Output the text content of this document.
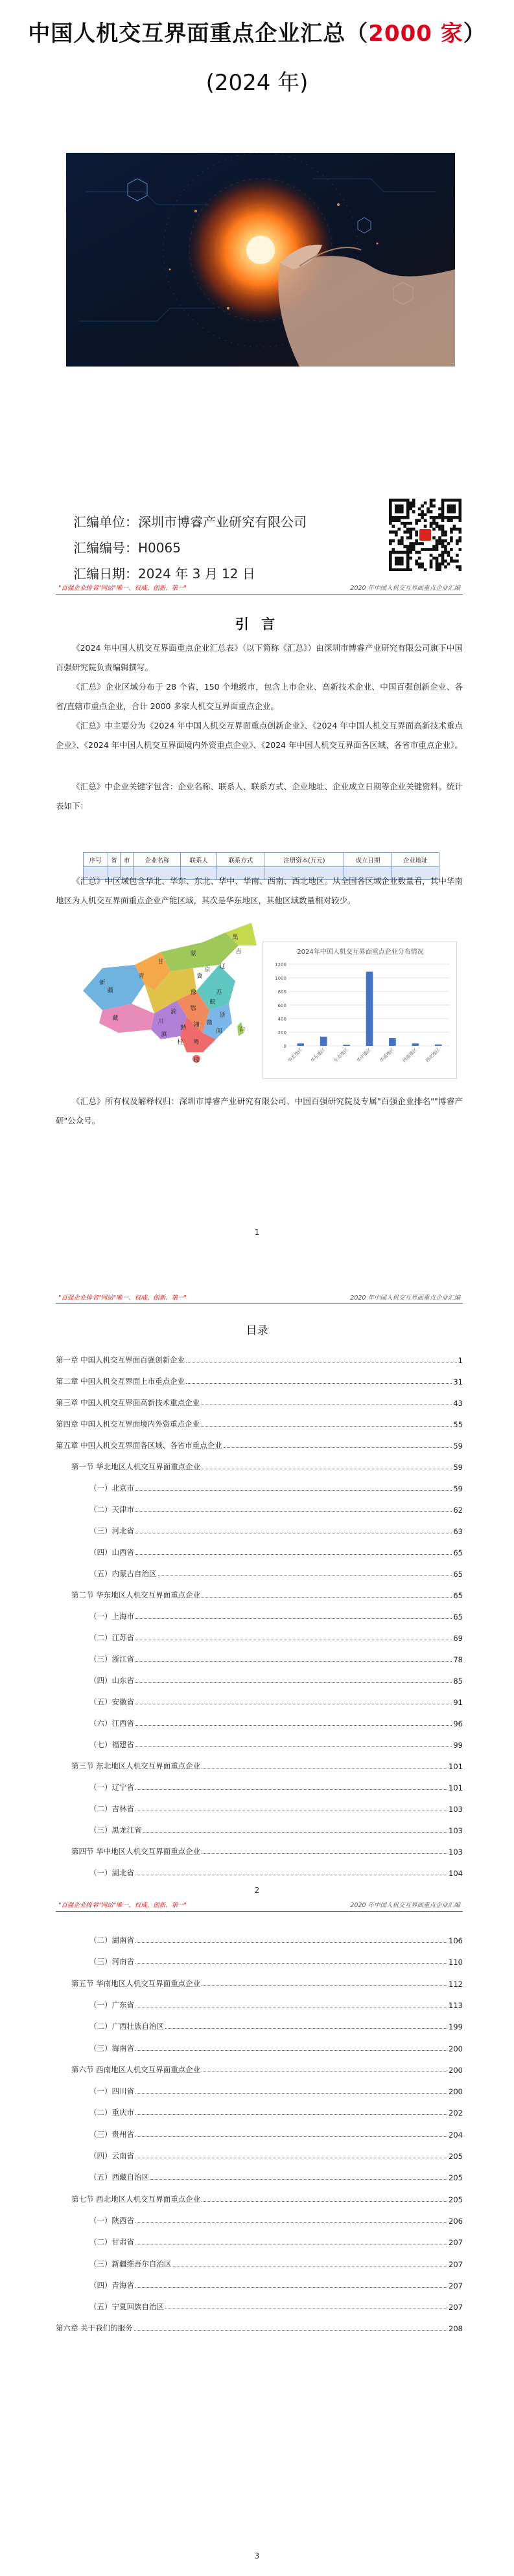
中国人机交互界面重点企业汇总（2000 家）
(2024 年)
汇编单位：深圳市博睿产业研究有限公司
汇编编号：H0065
汇编日期：2024 年 3 月 12 日
"百强企业排名"网站"唯一、权威、创新、第一"	2020 年中国人机交互界面重点企业汇编
引 言
《2024 年中国人机交互界面重点企业汇总表》（以下简称《汇总》）由深圳市博睿产业研究有限公司旗下中国百强研究院负责编辑撰写。
《汇总》企业区域分布于 28 个省，150 个地级市，包含上市企业、高新技术企业、中国百强创新企业、各省/直辖市重点企业，合计 2000 多家人机交互界面重点企业。
《汇总》中主要分为《2024 年中国人机交互界面重点创新企业》、《2024 年中国人机交互界面高新技术重点企业》、《2024 年中国人机交互界面境内外资重点企业》、《2024 年中国人机交互界面各区域、各省市重点企业》。
《汇总》中企业关键字包含：企业名称、联系人、联系方式、企业地址、企业成立日期等企业关键资料。统计表如下：
序号	省	市	企业名称	联系人	联系方式	注册资本(万元)	成立日期	企业地址

《汇总》中区域包含华北、华东、东北、华中、华南、西南、西北地区。从全国各区域企业数量看，其中华南地区为人机交互界面重点企业产能区域，其次是华东地区，其他区域数量相对较少。
新
疆
藏
青
甘
川
渝
滇
黔
蒙
黑
吉
辽
冀
京
豫
鄂
湘
粤
桂
苏
皖
浙
赣
闽
琼
台
2024年中国人机交互界面重点企业分布情况
0
200
400
600
800
1000
1200
华北地区 华东地区 东北地区 华中地区 华南地区 西南地区 西北地区
《汇总》所有权及解释权归：深圳市博睿产业研究有限公司、中国百强研究院及专属"百强企业排名""博睿产研"公众号。
1
"百强企业排名"网站"唯一、权威、创新、第一"	2020 年中国人机交互界面重点企业汇编
目录
第一章 中国人机交互界面百强创新企业	1
第二章 中国人机交互界面上市重点企业	31
第三章 中国人机交互界面高新技术重点企业	43
第四章 中国人机交互界面境内外资重点企业	55
第五章 中国人机交互界面各区域、各省市重点企业	59
第一节 华北地区人机交互界面重点企业	59
（一）北京市	59
（二）天津市	62
（三）河北省	63
（四）山西省	65
（五）内蒙古自治区	65
第二节 华东地区人机交互界面重点企业	65
（一）上海市	65
（二）江苏省	69
（三）浙江省	78
（四）山东省	85
（五）安徽省	91
（六）江西省	96
（七）福建省	99
第三节 东北地区人机交互界面重点企业	101
（一）辽宁省	101
（二）吉林省	103
（三）黑龙江省	103
第四节 华中地区人机交互界面重点企业	103
（一）湖北省	104
2
"百强企业排名"网站"唯一、权威、创新、第一"	2020 年中国人机交互界面重点企业汇编
（二）湖南省	106
（三）河南省	110
第五节 华南地区人机交互界面重点企业	112
（一）广东省	113
（二）广西壮族自治区	199
（三）海南省	200
第六节 西南地区人机交互界面重点企业	200
（一）四川省	200
（二）重庆市	202
（三）贵州省	204
（四）云南省	205
（五）西藏自治区	205
第七节 西北地区人机交互界面重点企业	205
（一）陕西省	206
（二）甘肃省	207
（三）新疆维吾尔自治区	207
（四）青海省	207
（五）宁夏回族自治区	207
第六章 关于我们的服务	208
3
